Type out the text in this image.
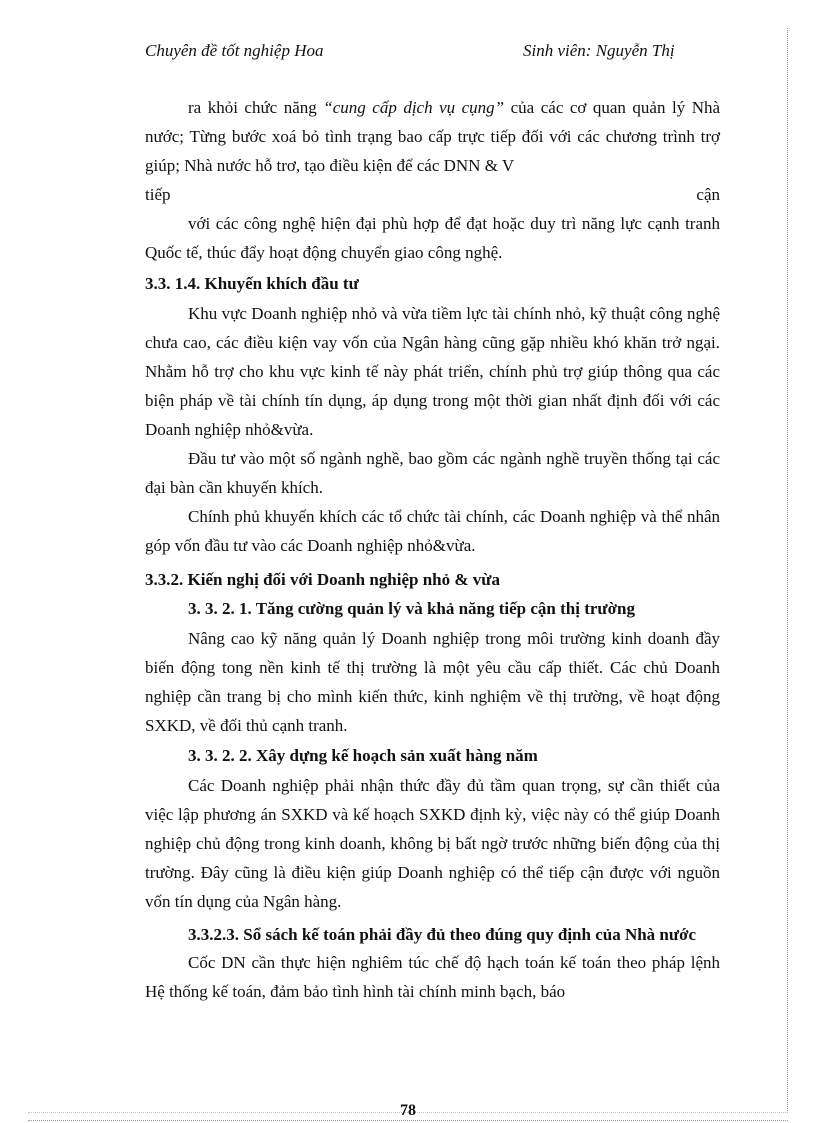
Chuyên đề tốt nghiệp Hoa	Sinh viên: Nguyễn Thị

ra khỏi chức năng “cung cấp dịch vụ cụng” của các cơ quan quản lý Nhà nước; Từng bước xoá bỏ tình trạng bao cấp trực tiếp đối với các chương trình trợ giúp; Nhà nước hỗ trơ, tạo điều kiện để các DNN & V

tiếp	cận

với các công nghệ hiện đại phù hợp để đạt hoặc duy trì năng lực cạnh tranh Quốc tế, thúc đẩy hoạt động chuyển giao công nghệ.

3.3. 1.4. Khuyến khích đầu tư

Khu vực Doanh nghiệp nhỏ và vừa tiềm lực tài chính nhỏ, kỹ thuật công nghệ chưa cao, các điều kiện vay vốn của Ngân hàng cũng gặp nhiều khó khăn trở ngại. Nhằm hỗ trợ cho khu vực kinh tế này phát triển, chính phủ trợ giúp thông qua các biện pháp về tài chính tín dụng, áp dụng trong một thời gian nhất định đối với các Doanh nghiệp nhỏ&vừa.

Đầu tư vào một số ngành nghề, bao gồm các ngành nghề truyền thống tại các đại bàn cần khuyến khích.

Chính phủ khuyến khích các tổ chức tài chính, các Doanh nghiệp và thể nhân góp vốn đầu tư vào các Doanh nghiệp nhỏ&vừa.

3.3.2. Kiến nghị đối với Doanh nghiệp nhỏ & vừa
3. 3. 2. 1. Tăng cường quản lý và khả năng tiếp cận thị trường

Nâng cao kỹ năng quản lý Doanh nghiệp trong môi trường kinh doanh đầy biến động tong nền kinh tế thị trường là một yêu cầu cấp thiết. Các chủ Doanh nghiệp cần trang bị cho mình kiến thức, kinh nghiệm về thị trường, về hoạt động SXKD, về đối thủ cạnh tranh.

3. 3. 2. 2. Xây dựng kế hoạch sản xuất hàng năm

Các Doanh nghiệp phải nhận thức đầy đủ tầm quan trọng, sự cần thiết của việc lập phương án SXKD và kế hoạch SXKD định kỳ, việc này có thể giúp Doanh nghiệp chủ động trong kinh doanh, không bị bất ngờ trước những biến động của thị trường. Đây cũng là điều kiện giúp Doanh nghiệp có thể tiếp cận được với nguồn vốn tín dụng của Ngân hàng.

3.3.2.3. Sổ sách kế toán phải đầy đủ theo đúng quy định của Nhà nước

Cốc DN cần thực hiện nghiêm túc chế độ hạch toán kế toán theo pháp lệnh Hệ thống kế toán, đảm bảo tình hình tài chính minh bạch, báo

78
